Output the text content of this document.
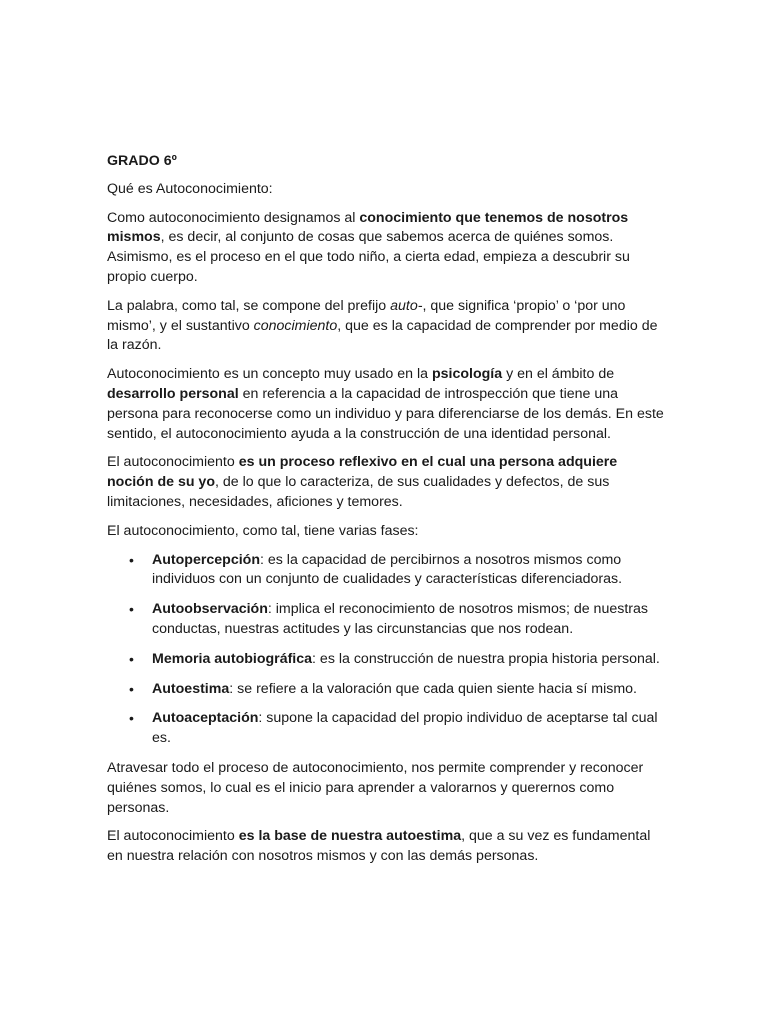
GRADO 6º

Qué es Autoconocimiento:

Como autoconocimiento designamos al conocimiento que tenemos de nosotros mismos, es decir, al conjunto de cosas que sabemos acerca de quiénes somos. Asimismo, es el proceso en el que todo niño, a cierta edad, empieza a descubrir su propio cuerpo.

La palabra, como tal, se compone del prefijo auto-, que significa ‘propio’ o ‘por uno mismo’, y el sustantivo conocimiento, que es la capacidad de comprender por medio de la razón.

Autoconocimiento es un concepto muy usado en la psicología y en el ámbito de desarrollo personal en referencia a la capacidad de introspección que tiene una persona para reconocerse como un individuo y para diferenciarse de los demás. En este sentido, el autoconocimiento ayuda a la construcción de una identidad personal.

El autoconocimiento es un proceso reflexivo en el cual una persona adquiere noción de su yo, de lo que lo caracteriza, de sus cualidades y defectos, de sus limitaciones, necesidades, aficiones y temores.

El autoconocimiento, como tal, tiene varias fases:

• Autopercepción: es la capacidad de percibirnos a nosotros mismos como individuos con un conjunto de cualidades y características diferenciadoras.
• Autoobservación: implica el reconocimiento de nosotros mismos; de nuestras conductas, nuestras actitudes y las circunstancias que nos rodean.
• Memoria autobiográfica: es la construcción de nuestra propia historia personal.
• Autoestima: se refiere a la valoración que cada quien siente hacia sí mismo.
• Autoaceptación: supone la capacidad del propio individuo de aceptarse tal cual es.

Atravesar todo el proceso de autoconocimiento, nos permite comprender y reconocer quiénes somos, lo cual es el inicio para aprender a valorarnos y querernos como personas.

El autoconocimiento es la base de nuestra autoestima, que a su vez es fundamental en nuestra relación con nosotros mismos y con las demás personas.
